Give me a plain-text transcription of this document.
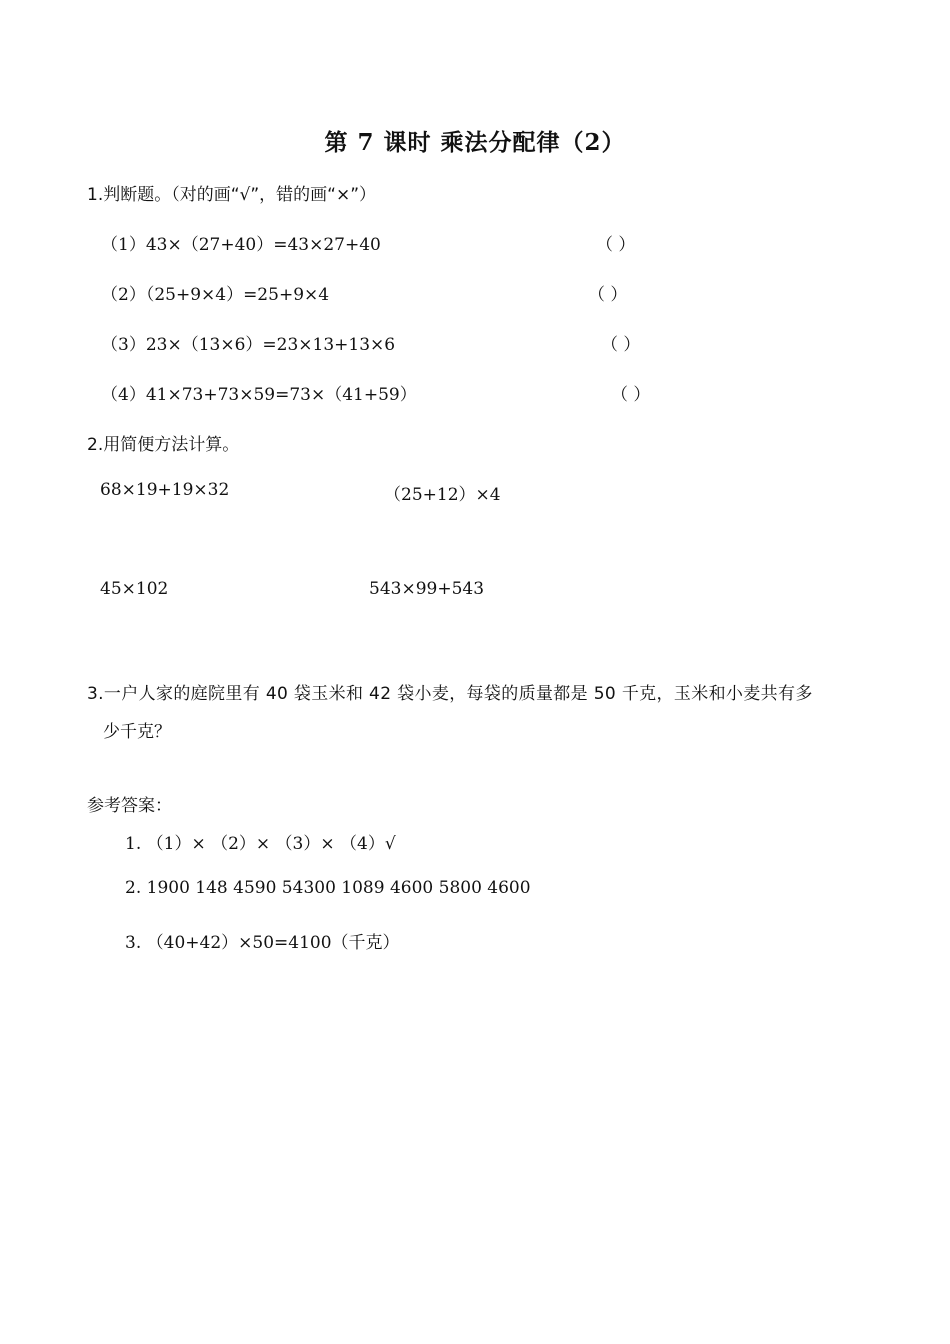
第 7 课时 乘法分配律（2）
1.判断题。（对的画“√”，错的画“×”）
（1）43×（27+40）=43×27+40	（ ）
（2）（25+9×4）=25+9×4	（ ）
（3）23×（13×6）=23×13+13×6	（ ）
（4）41×73+73×59=73×（41+59）	（ ）
2.用简便方法计算。
68×19+19×32	（25+12）×4
45×102	543×99+543
3.一户人家的庭院里有 40 袋玉米和 42 袋小麦，每袋的质量都是 50 千克，玉米和小麦共有多
少千克？
参考答案：
1. （1）× （2）× （3）× （4）√
2. 1900 148 4590 54300 1089 4600 5800 4600
3. （40+42）×50=4100（千克）
